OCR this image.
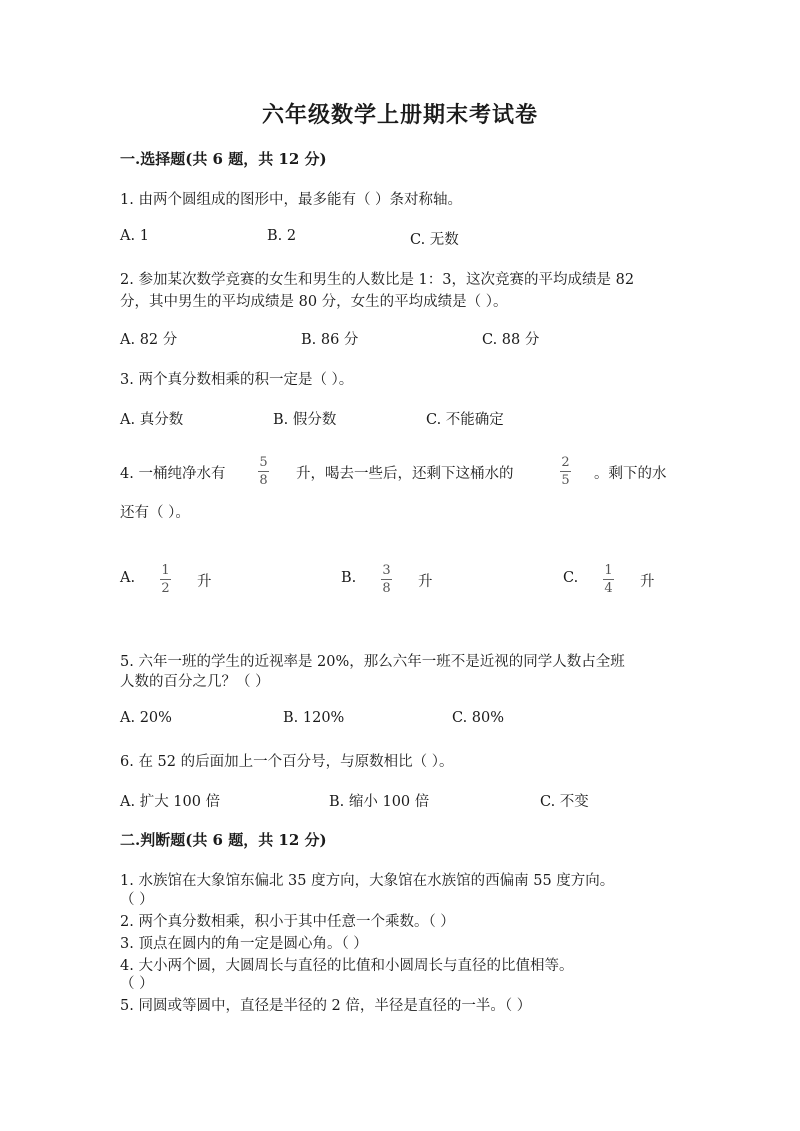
六年级数学上册期末考试卷
一.选择题(共 6 题，共 12 分)
1. 由两个圆组成的图形中，最多能有（ ）条对称轴。
A. 1	B. 2	C. 无数
2. 参加某次数学竞赛的女生和男生的人数比是 1：3，这次竞赛的平均成绩是 82
分，其中男生的平均成绩是 80 分，女生的平均成绩是（ ）。
A. 82 分	B. 86 分	C. 88 分
3. 两个真分数相乘的积一定是（ ）。
A. 真分数	B. 假分数	C. 不能确定
4. 一桶纯净水有
5
8 升，喝去一些后，还剩下这桶水的
2
5 。剩下的水
还有（ ）。
A. 1
2 升	B. 3
8 升	C. 1
4 升
5. 六年一班的学生的近视率是 20%，那么六年一班不是近视的同学人数占全班
人数的百分之几？（ ）
A. 20%	B. 120%	C. 80%
6. 在 52 的后面加上一个百分号，与原数相比（ ）。
A. 扩大 100 倍	B. 缩小 100 倍	C. 不变
二.判断题(共 6 题，共 12 分)
1. 水族馆在大象馆东偏北 35 度方向，大象馆在水族馆的西偏南 55 度方向。
（ ）
2. 两个真分数相乘，积小于其中任意一个乘数。（ ）
3. 顶点在圆内的角一定是圆心角。（ ）
4. 大小两个圆，大圆周长与直径的比值和小圆周长与直径的比值相等。
（ ）
5. 同圆或等圆中，直径是半径的 2 倍，半径是直径的一半。（ ）
